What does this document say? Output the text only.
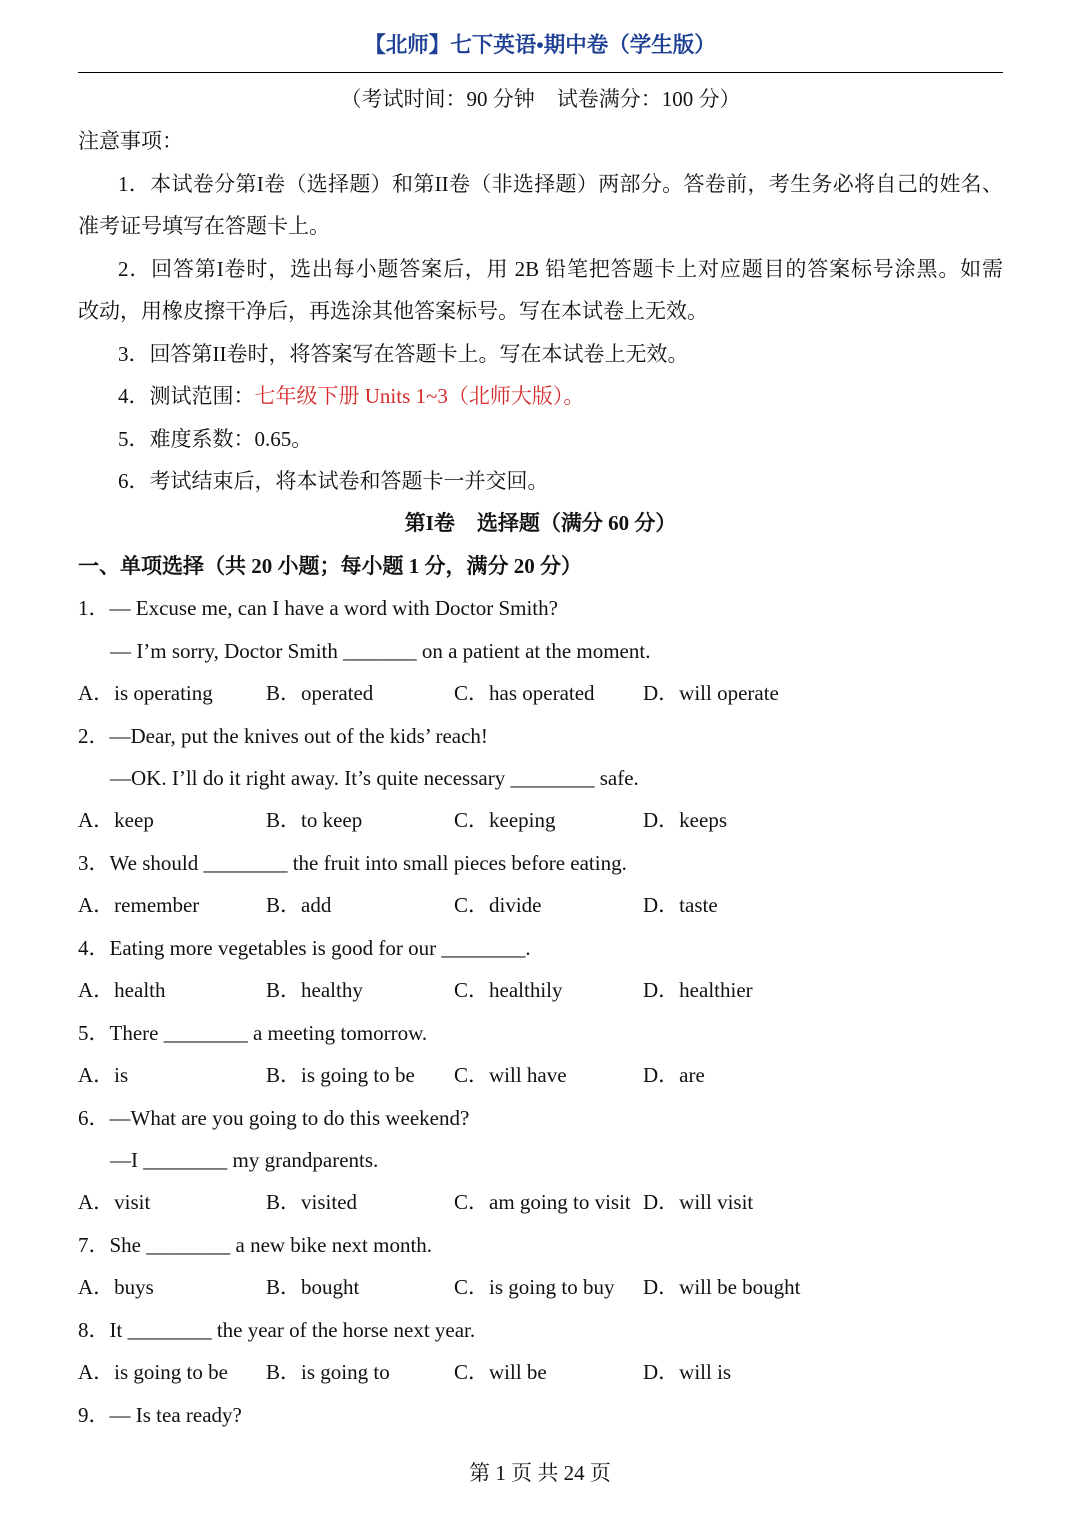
【北师】七下英语•期中卷（学生版）
（考试时间：90 分钟 试卷满分：100 分）
注意事项：
1．本试卷分第I卷（选择题）和第II卷（非选择题）两部分。答卷前，考生务必将自己的姓名、
准考证号填写在答题卡上。
2．回答第I卷时，选出每小题答案后，用 2B 铅笔把答题卡上对应题目的答案标号涂黑。如需
改动，用橡皮擦干净后，再选涂其他答案标号。写在本试卷上无效。
3．回答第II卷时，将答案写在答题卡上。写在本试卷上无效。
4．测试范围：七年级下册 Units 1~3（北师大版）。
5．难度系数：0.65。
6．考试结束后，将本试卷和答题卡一并交回。
第I卷 选择题（满分 60 分）
一、单项选择（共 20 小题；每小题 1 分，满分 20 分）
1．— Excuse me, can I have a word with Doctor Smith?
— I’m sorry, Doctor Smith _______ on a patient at the moment.
A．is operating	B．operated	C．has operated	D．will operate
2．—Dear, put the knives out of the kids’ reach!
—OK. I’ll do it right away. It’s quite necessary ________ safe.
A．keep	B．to keep	C．keeping	D．keeps
3．We should ________ the fruit into small pieces before eating.
A．remember	B．add	C．divide	D．taste
4．Eating more vegetables is good for our ________.
A．health	B．healthy	C．healthily	D．healthier
5．There ________ a meeting tomorrow.
A．is	B．is going to be	C．will have	D．are
6．—What are you going to do this weekend?
—I ________ my grandparents.
A．visit	B．visited	C．am going to visit D．will visit
7．She ________ a new bike next month.
A．buys	B．bought	C．is going to buy	D．will be bought
8．It ________ the year of the horse next year.
A．is going to be	B．is going to	C．will be	D．will is
9．— Is tea ready?
第 1 页 共 24 页
